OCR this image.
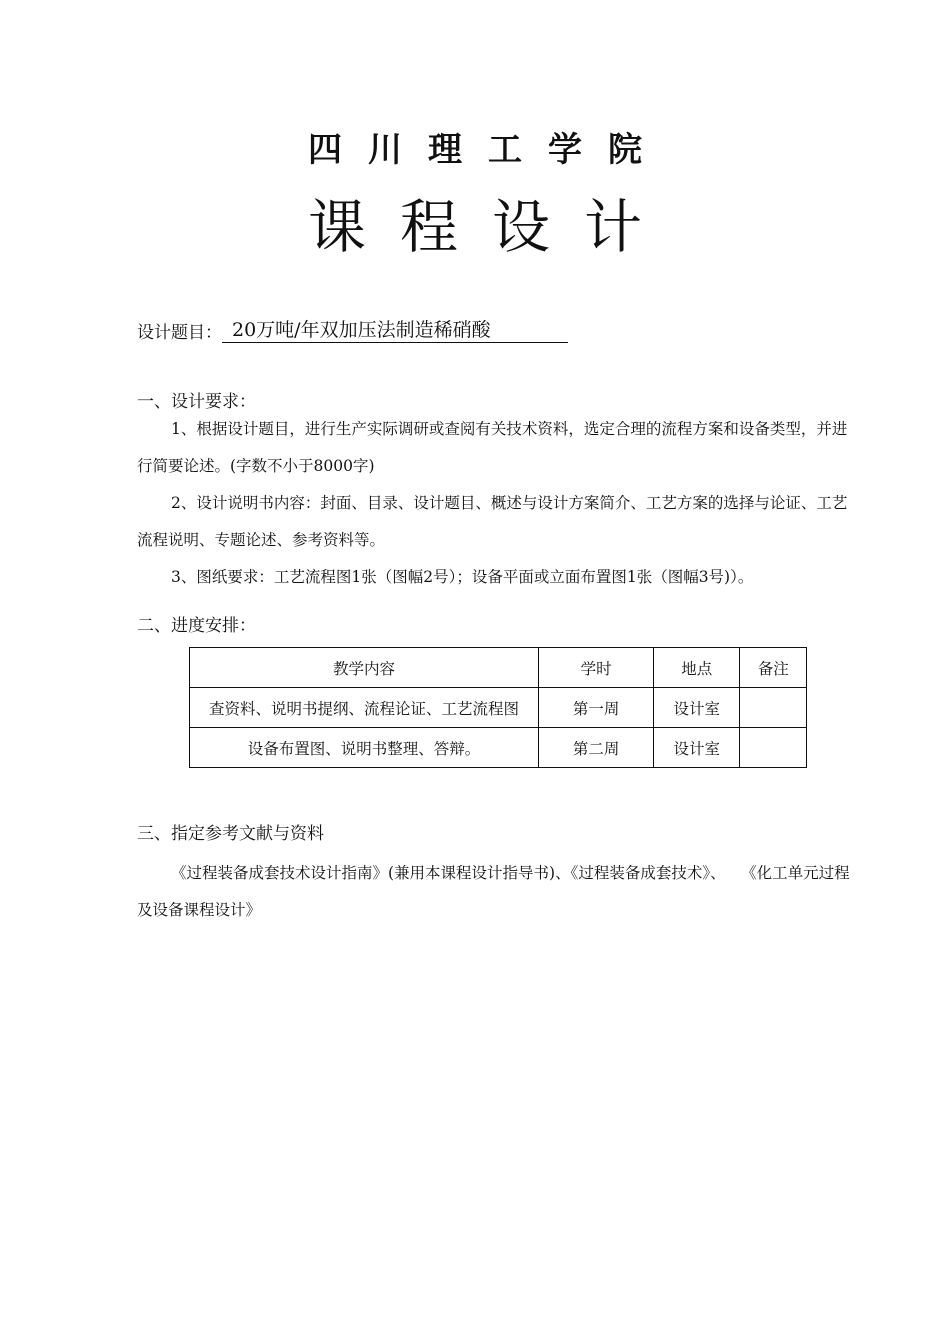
四川理工学院
课程设计
设计题目： 20万吨/年双加压法制造稀硝酸
一、设计要求：
1、根据设计题目，进行生产实际调研或查阅有关技术资料，选定合理的流程方案和设备类型，并进行简要论述。(字数不小于8000字)
2、设计说明书内容：封面、目录、设计题目、概述与设计方案简介、工艺方案的选择与论证、工艺流程说明、专题论述、参考资料等。
3、图纸要求：工艺流程图1张（图幅2号）；设备平面或立面布置图1张（图幅3号)）。
二、进度安排：
教学内容	学时	地点	备注
查资料、说明书提纲、流程论证、工艺流程图	第一周	设计室	
设备布置图、说明书整理、答辩。	第二周	设计室	
三、指定参考文献与资料
《过程装备成套技术设计指南》(兼用本课程设计指导书)、《过程装备成套技术》、　　《化工单元过程及设备课程设计》
